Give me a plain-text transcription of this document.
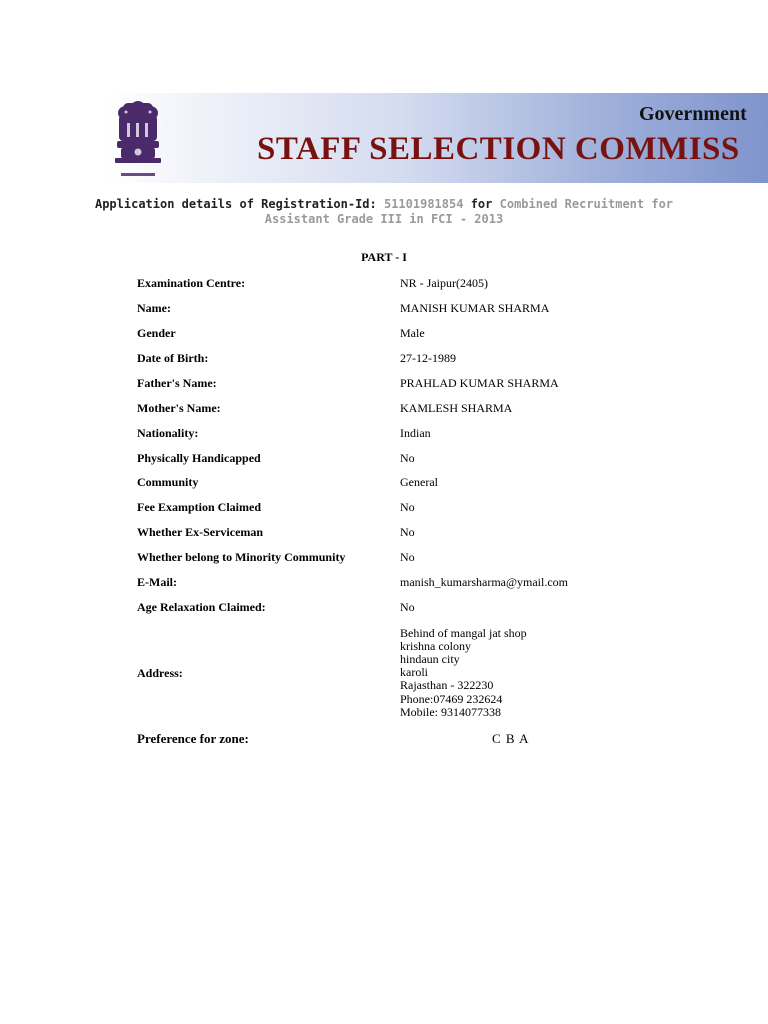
Government
STAFF SELECTION COMMISS
Application details of Registration-Id: 51101981854 for Combined Recruitment for
Assistant Grade III in FCI - 2013
PART - I
Examination Centre:	NR - Jaipur(2405)
Name:	MANISH KUMAR SHARMA
Gender	Male
Date of Birth:	27-12-1989
Father's Name:	PRAHLAD KUMAR SHARMA
Mother's Name:	KAMLESH SHARMA
Nationality:	Indian
Physically Handicapped	No
Community	General
Fee Examption Claimed	No
Whether Ex-Serviceman	No
Whether belong to Minority Community	No
E-Mail:	manish_kumarsharma@ymail.com
Age Relaxation Claimed:	No
Address:
Behind of mangal jat shop
krishna colony
hindaun city
karoli
Rajasthan - 322230
Phone:07469 232624
Mobile: 9314077338
Preference for zone:	C B A
